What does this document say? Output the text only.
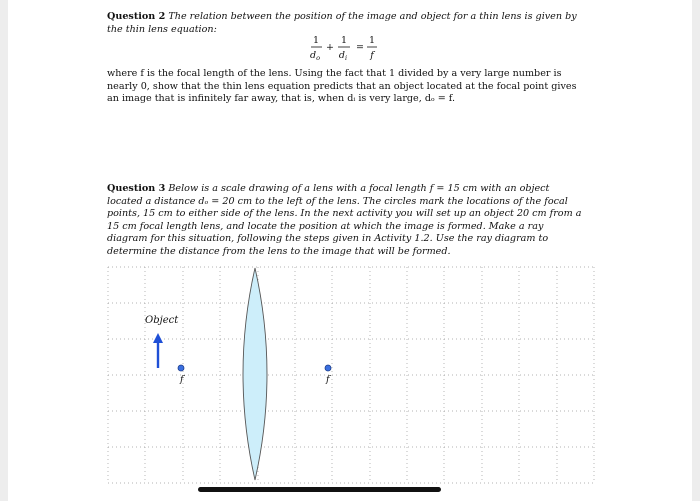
Question 2 The relation between the position of the image and object for a thin lens is given by the thin lens equation:
1
$d_o$
+
1
$d_i$
=
1
f
where f is the focal length of the lens. Using the fact that 1 divided by a very large number is nearly 0, show that the thin lens equation predicts that an object located at the focal point gives an image that is infinitely far away, that is, when dᵢ is very large, dₒ = f.
Question 3 Below is a scale drawing of a lens with a focal length f = 15 cm with an object located a distance dₒ = 20 cm to the left of the lens. The circles mark the locations of the focal points, 15 cm to either side of the lens. In the next activity you will set up an object 20 cm from a 15 cm focal length lens, and locate the position at which the image is formed. Make a ray diagram for this situation, following the steps given in Activity 1.2. Use the ray diagram to determine the distance from the lens to the image that will be formed.
Object
f	f
